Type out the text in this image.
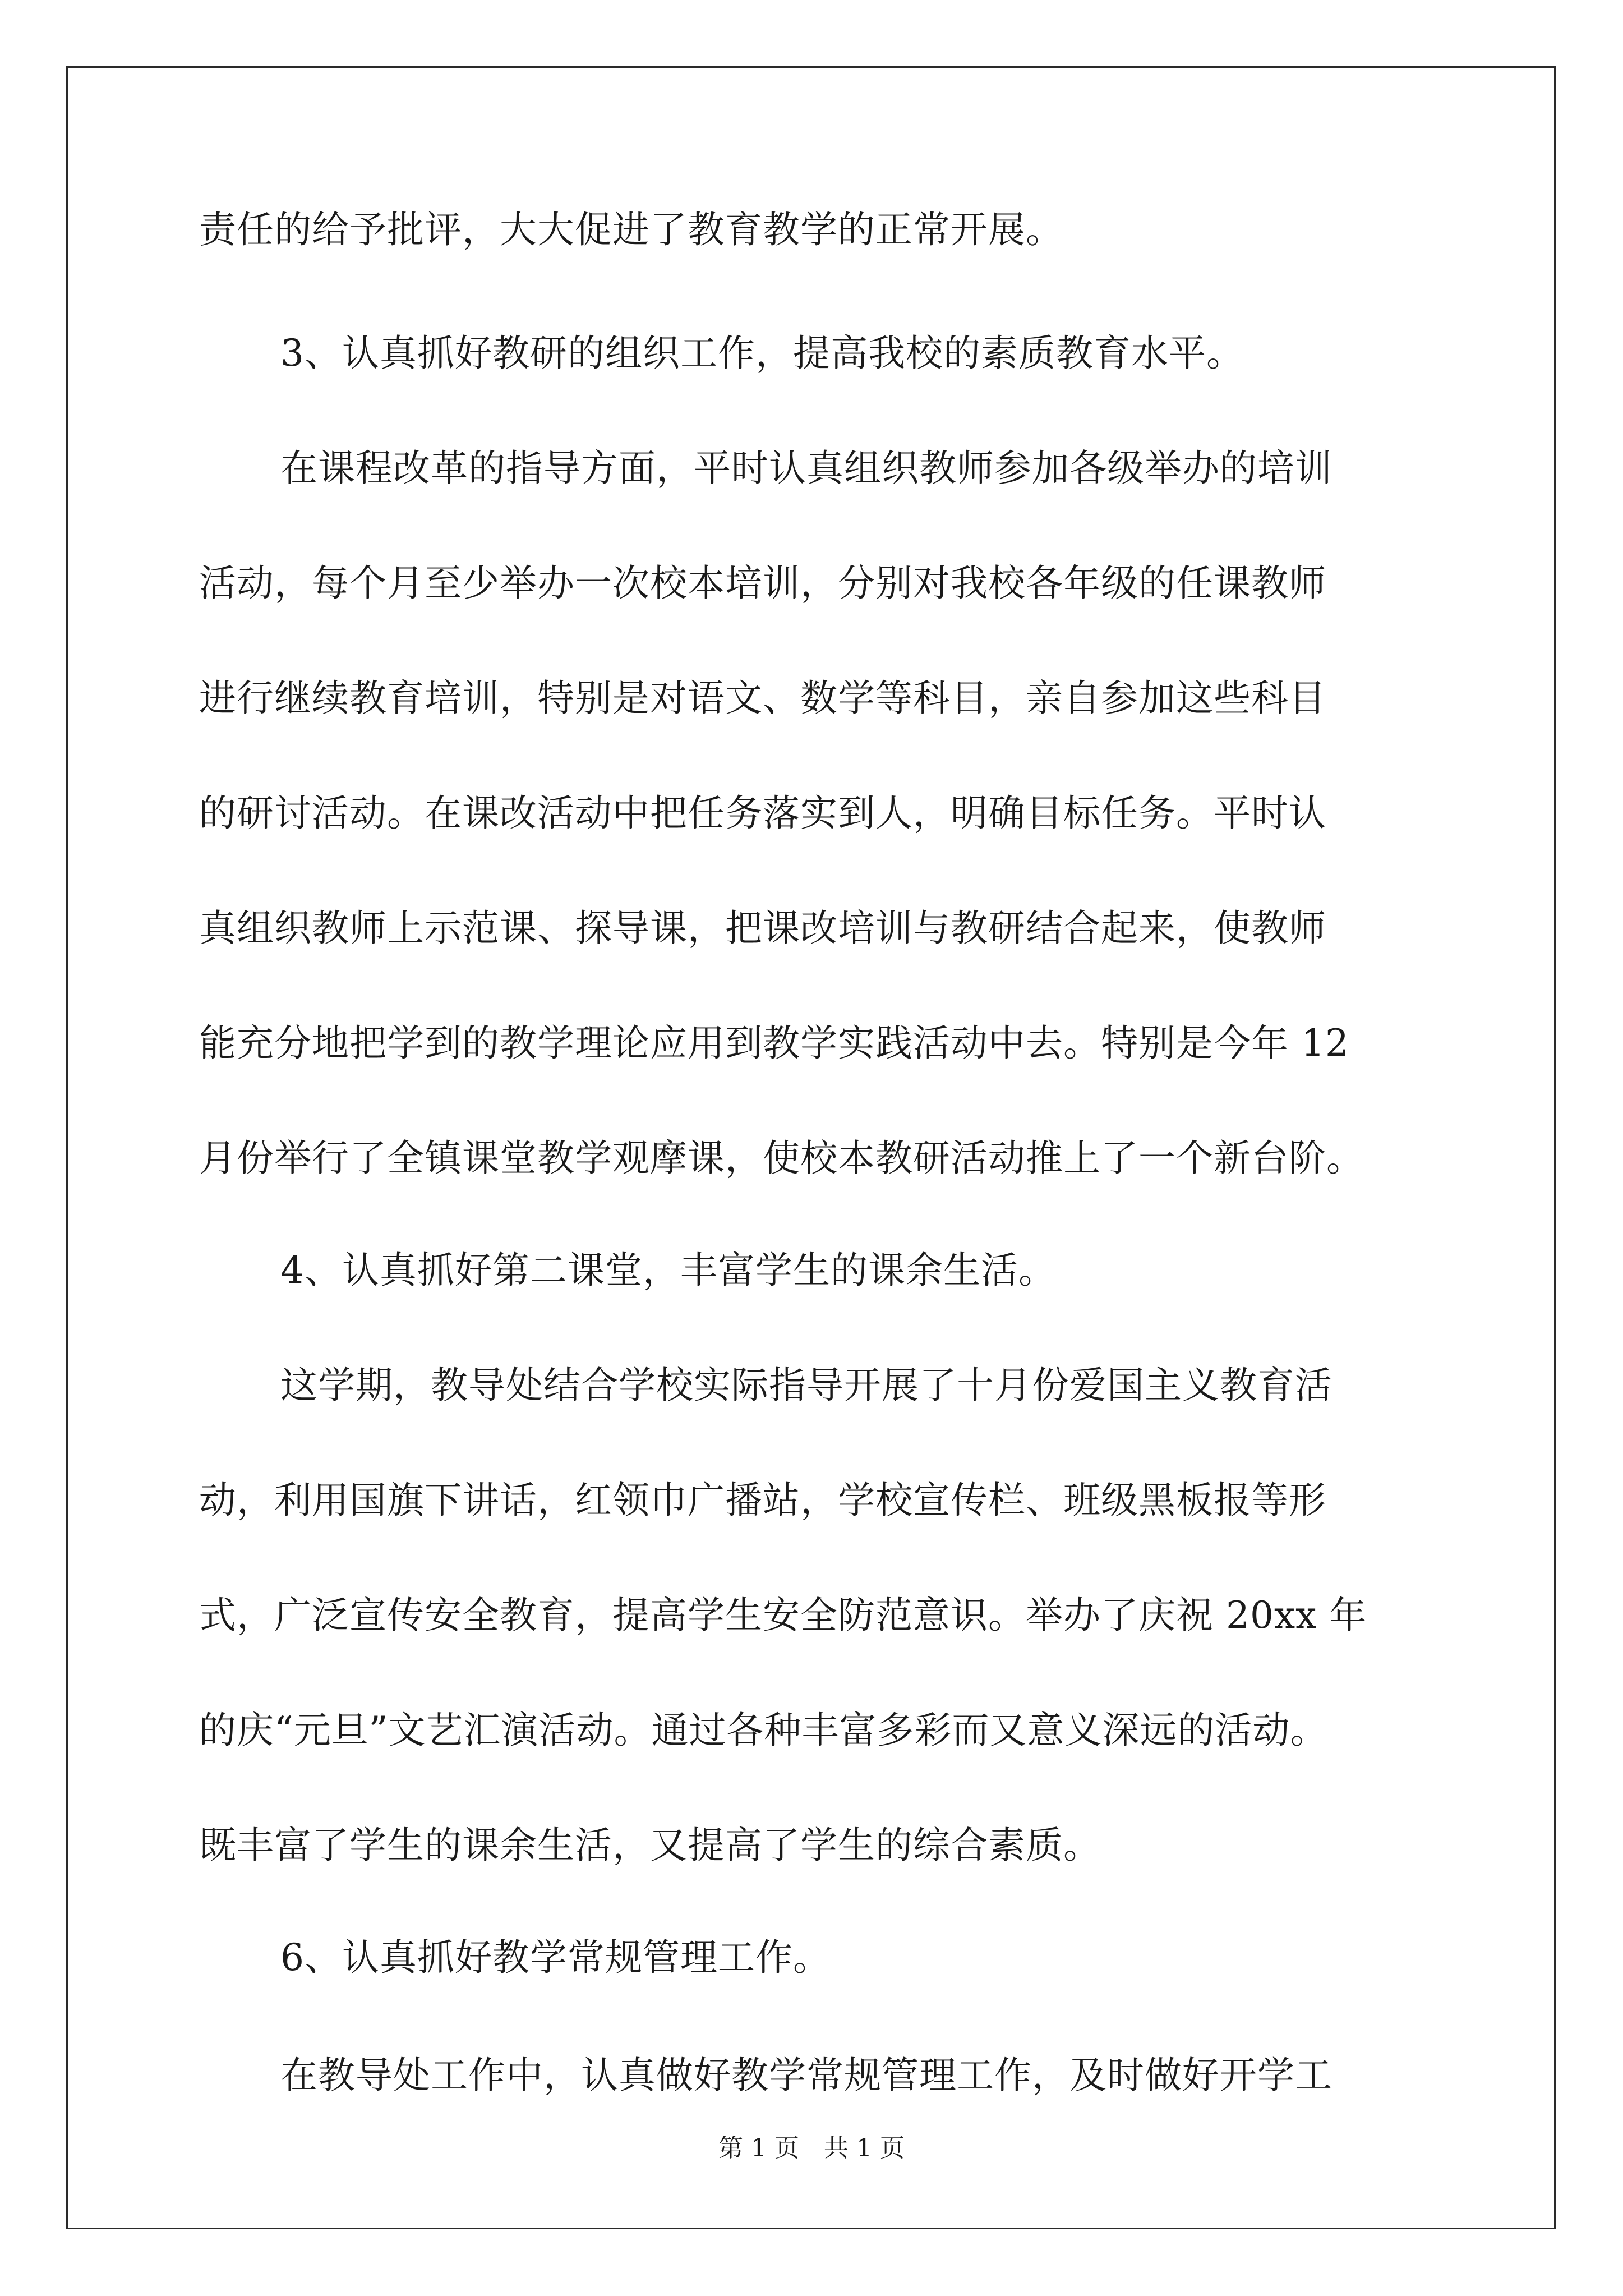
责任的给予批评，大大促进了教育教学的正常开展。
3、认真抓好教研的组织工作，提高我校的素质教育水平。
在课程改革的指导方面，平时认真组织教师参加各级举办的培训
活动，每个月至少举办一次校本培训，分别对我校各年级的任课教师
进行继续教育培训，特别是对语文、数学等科目，亲自参加这些科目
的研讨活动。在课改活动中把任务落实到人，明确目标任务。平时认
真组织教师上示范课、探导课，把课改培训与教研结合起来，使教师
能充分地把学到的教学理论应用到教学实践活动中去。特别是今年 12
月份举行了全镇课堂教学观摩课，使校本教研活动推上了一个新台阶。
4、认真抓好第二课堂，丰富学生的课余生活。
这学期，教导处结合学校实际指导开展了十月份爱国主义教育活
动，利用国旗下讲话，红领巾广播站，学校宣传栏、班级黑板报等形
式，广泛宣传安全教育，提高学生安全防范意识。举办了庆祝 20xx 年
的庆“元旦”文艺汇演活动。通过各种丰富多彩而又意义深远的活动。
既丰富了学生的课余生活，又提高了学生的综合素质。
6、认真抓好教学常规管理工作。
在教导处工作中，认真做好教学常规管理工作，及时做好开学工
第 1 页　共 1 页
